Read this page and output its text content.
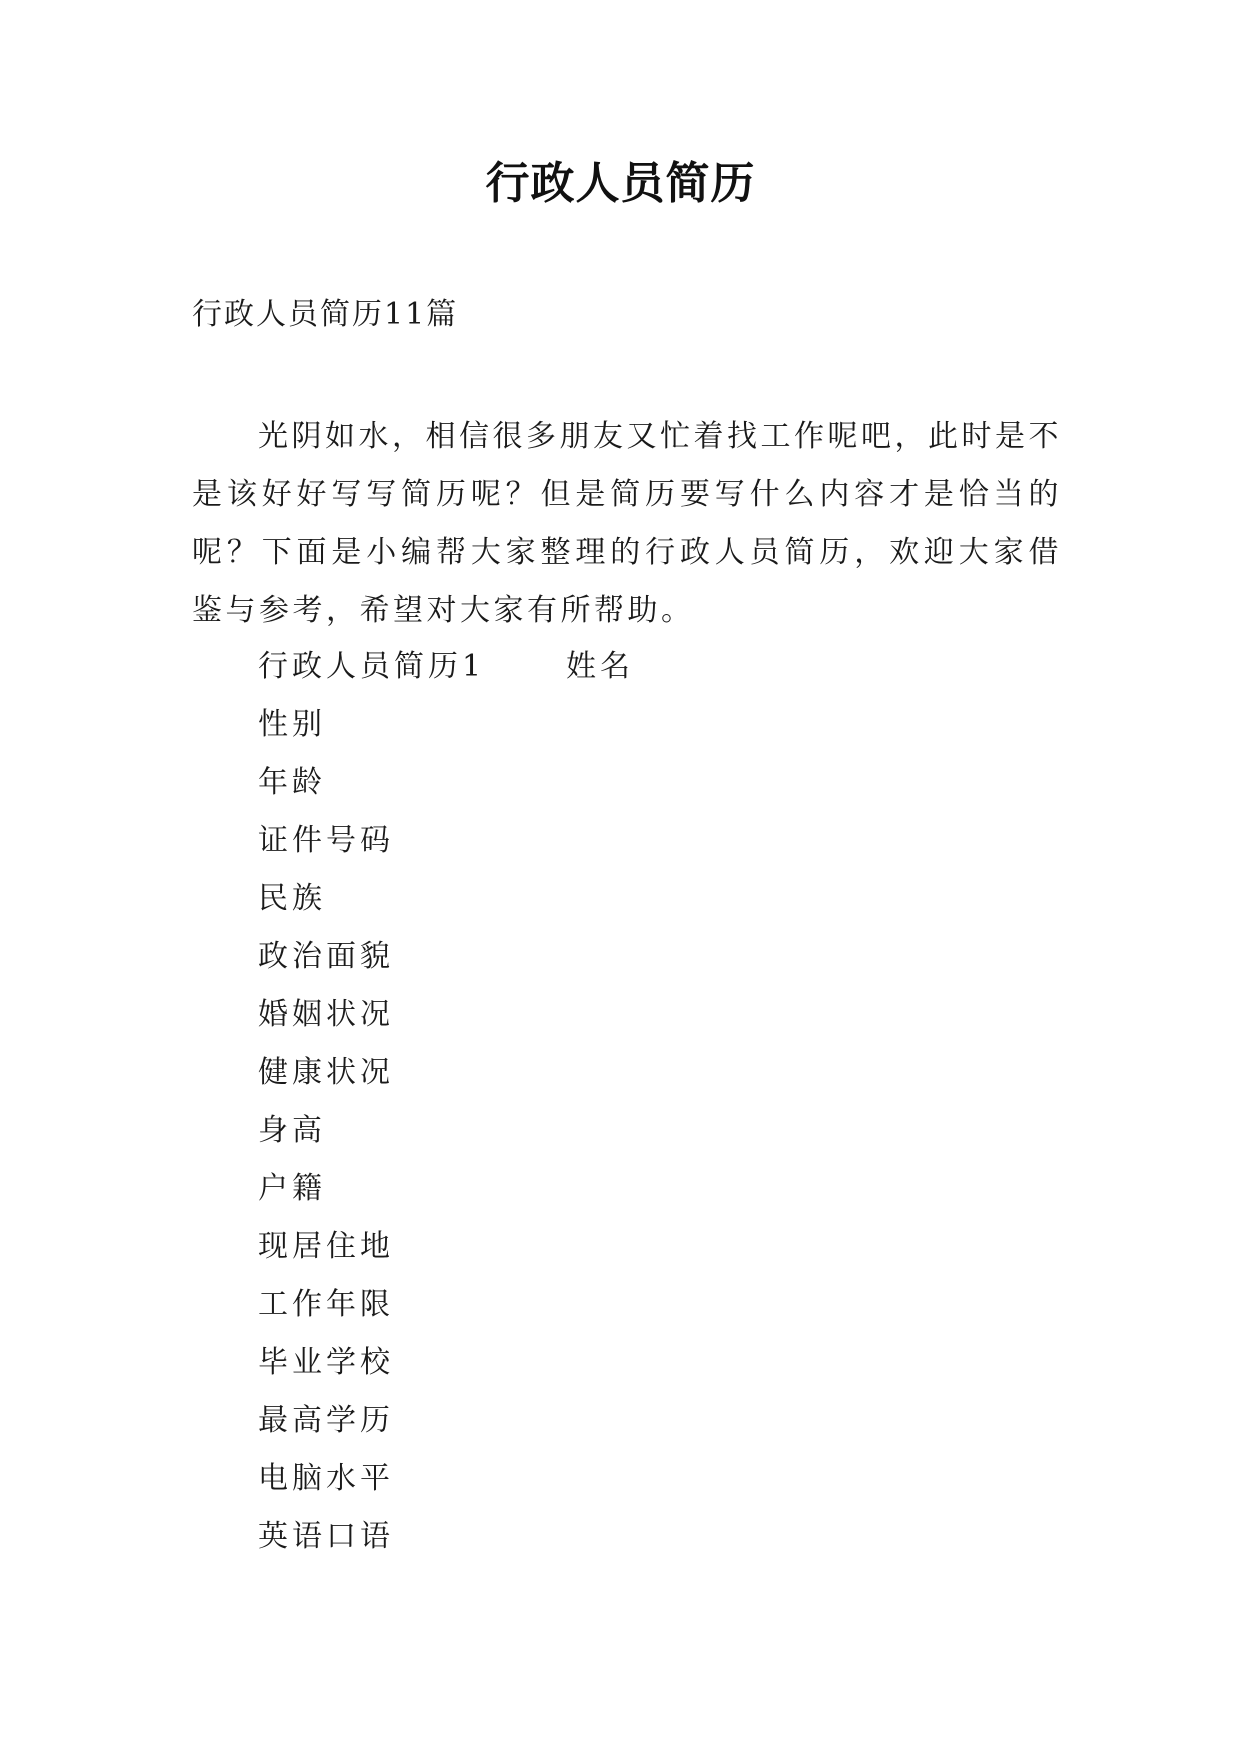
行政人员简历

行政人员简历11篇

光阴如水，相信很多朋友又忙着找工作呢吧，此时是不是该好好写写简历呢？但是简历要写什么内容才是恰当的呢？下面是小编帮大家整理的行政人员简历，欢迎大家借鉴与参考，希望对大家有所帮助。

行政人员简历1	姓名
性别
年龄
证件号码
民族
政治面貌
婚姻状况
健康状况
身高
户籍
现居住地
工作年限
毕业学校
最高学历
电脑水平
英语口语
